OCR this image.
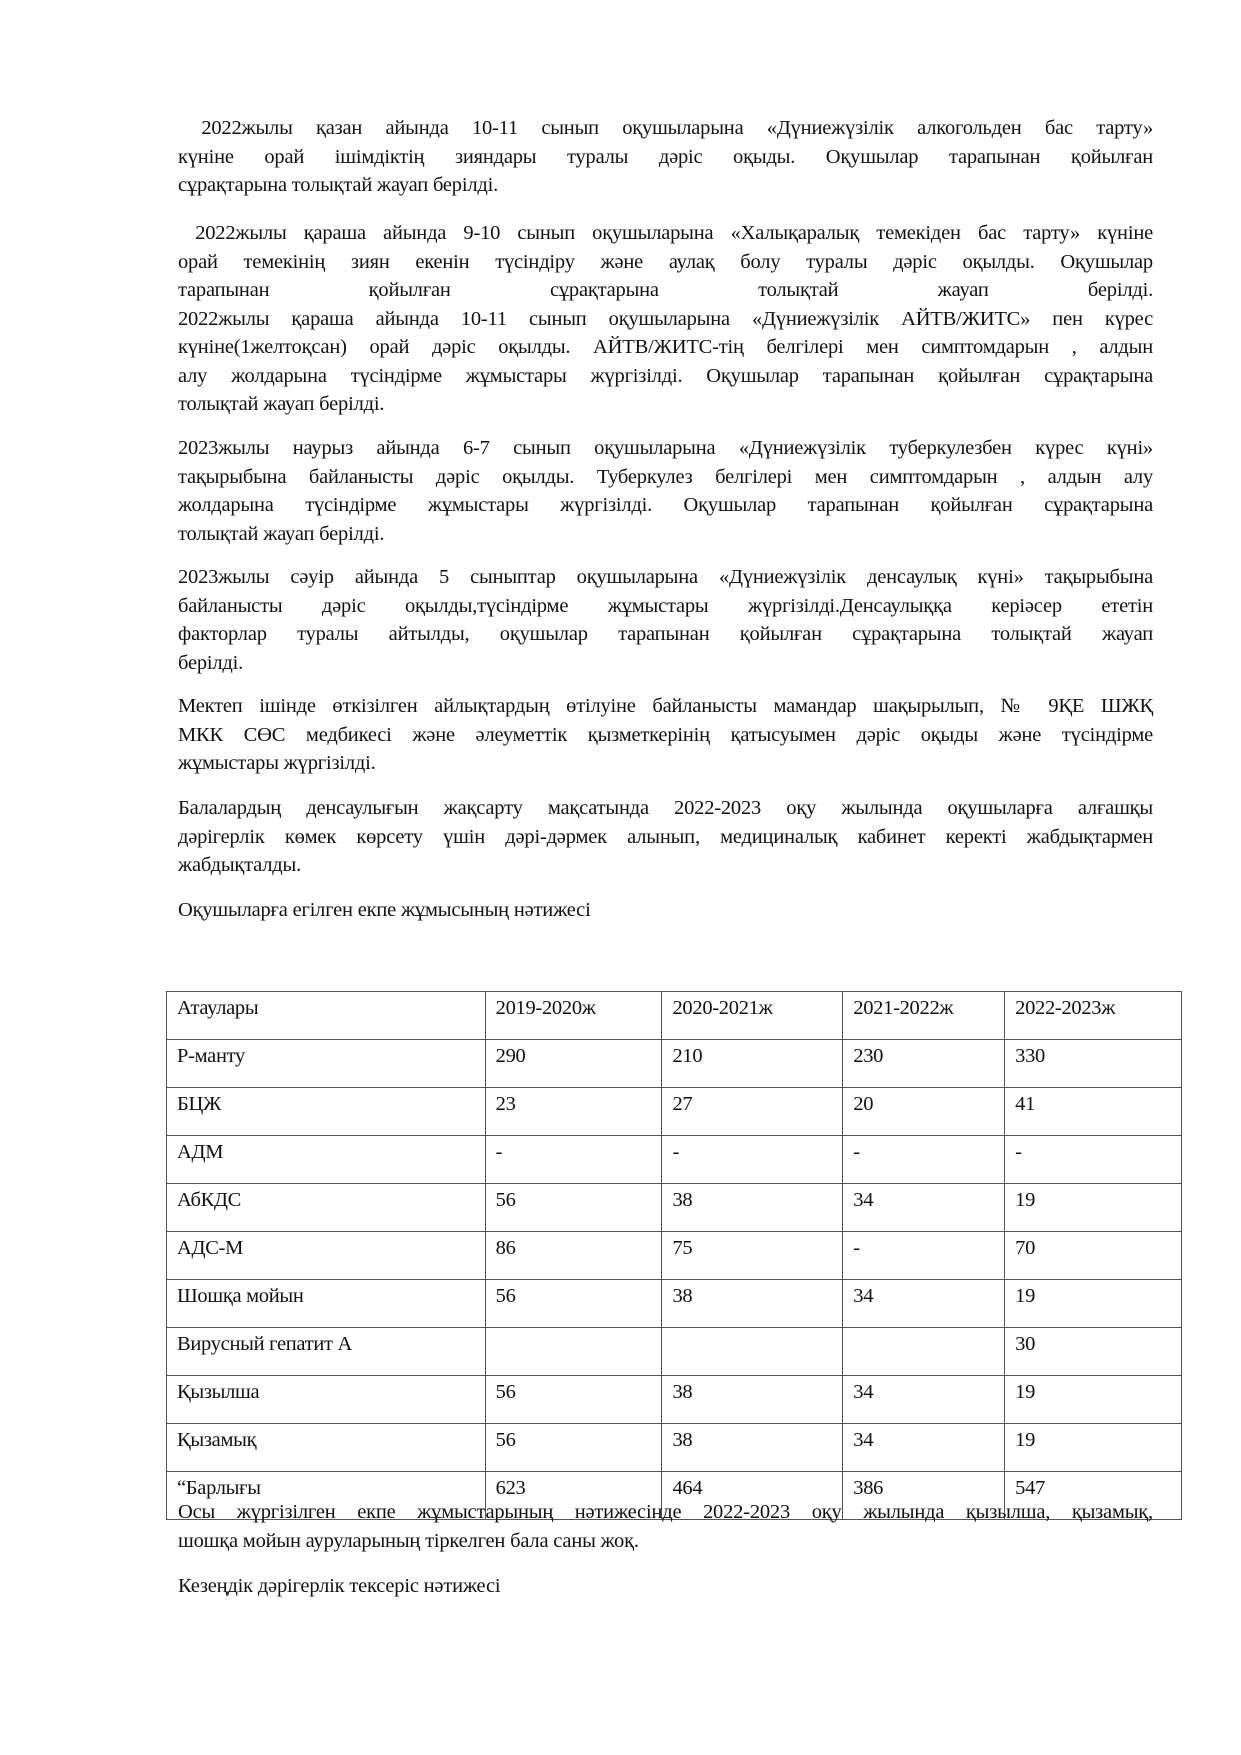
2022жылы қазан айында 10-11 сынып оқушыларына «Дүниежүзілік алкогольден бас тарту»
күніне орай ішімдіктің зияндары туралы дәріс оқыды. Оқушылар тарапынан қойылған
сұрақтарына толықтай жауап берілді.

2022жылы қараша айында 9-10 сынып оқушыларына «Халықаралық темекіден бас тарту» күніне
орай темекінің зиян екенін түсіндіру және аулақ болу туралы дәріс оқылды. Оқушылар
тарапынан қойылған сұрақтарына толықтай жауап берілді.
2022жылы қараша айында 10-11 сынып оқушыларына «Дүниежүзілік АЙТВ/ЖИТС» пен күрес
күніне(1желтоқсан) орай дәріс оқылды. АЙТВ/ЖИТС-тің белгілері мен симптомдарын , алдын
алу жолдарына түсіндірме жұмыстары жүргізілді. Оқушылар тарапынан қойылған сұрақтарына
толықтай жауап берілді.

2023жылы наурыз айында 6-7 сынып оқушыларына «Дүниежүзілік туберкулезбен күрес күні»
тақырыбына байланысты дәріс оқылды. Туберкулез белгілері мен симптомдарын , алдын алу
жолдарына түсіндірме жұмыстары жүргізілді. Оқушылар тарапынан қойылған сұрақтарына
толықтай жауап берілді.

2023жылы сәуір айында 5 сыныптар оқушыларына «Дүниежүзілік денсаулық күні» тақырыбына
байланысты дәріс оқылды,түсіндірме жұмыстары жүргізілді.Денсаулыққа керіәсер ететін
факторлар туралы айтылды, оқушылар тарапынан қойылған сұрақтарына толықтай жауап
берілді.

Мектеп ішінде өткізілген айлықтардың өтілуіне байланысты мамандар шақырылып, № 9ҚЕ ШЖҚ
МКК СӨС медбикесі және әлеуметтік қызметкерінің қатысуымен дәріс оқыды және түсіндірме
жұмыстары жүргізілді.

Балалардың денсаулығын жақсарту мақсатында 2022-2023 оқу жылында оқушыларға алғашқы
дәрігерлік көмек көрсету үшін дәрі-дәрмек алынып, медициналық кабинет керекті жабдықтармен
жабдықталды.

Оқушыларға егілген екпе жұмысының нәтижесі

Атаулары	2019-2020ж	2020-2021ж	2021-2022ж	2022-2023ж
Р-манту	290	210	230	330
БЦЖ	23	27	20	41
АДМ	-	-	-	-
АбКДС	56	38	34	19
АДС-М	86	75	-	70
Шошқа мойын	56	38	34	19
Вирусный гепатит А				30
Қызылша	56	38	34	19
Қызамық	56	38	34	19
“Барлығы	623	464	386	547

Осы жүргізілген екпе жұмыстарының нәтижесінде 2022-2023 оқу жылында қызылша, қызамық,
шошқа мойын ауруларының тіркелген бала саны жоқ.

Кезеңдік дәрігерлік тексеріс нәтижесі
